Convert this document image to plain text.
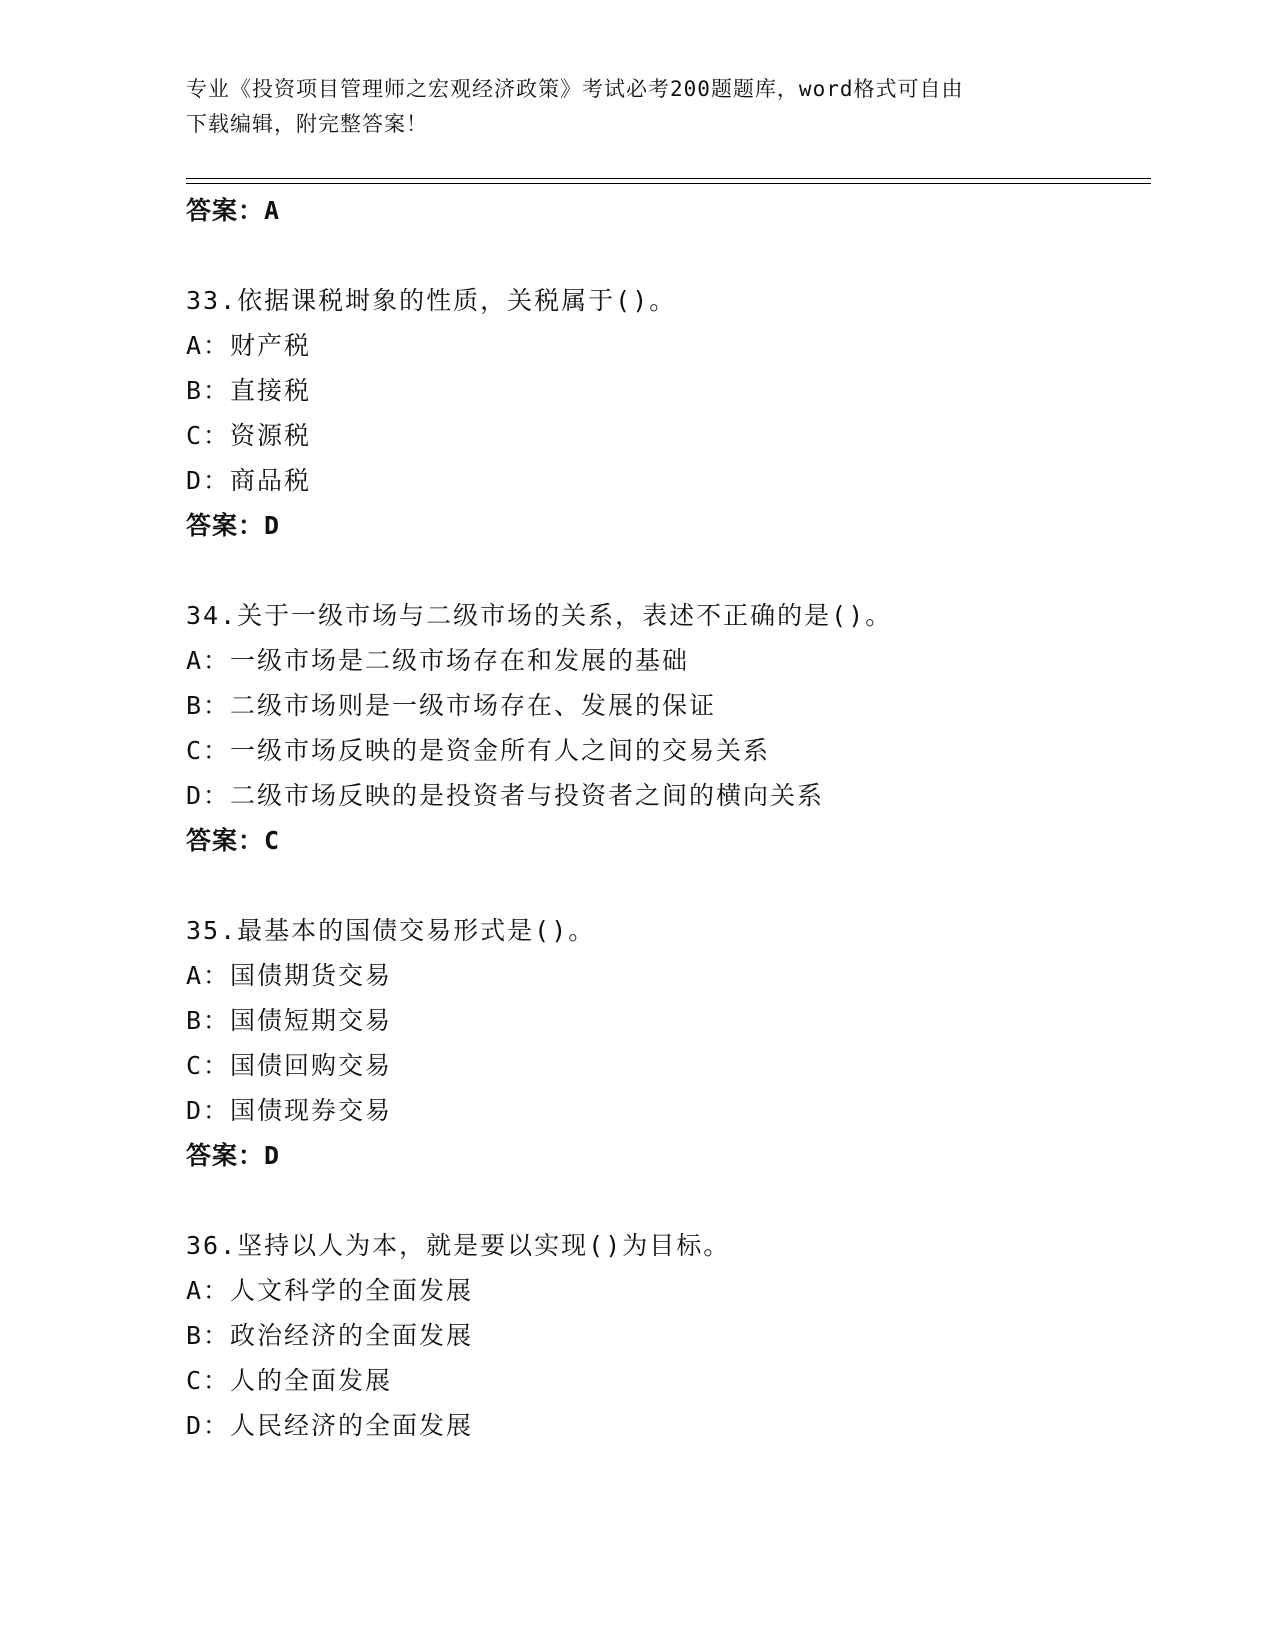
专业《投资项目管理师之宏观经济政策》考试必考200题题库，word格式可自由
下载编辑，附完整答案！
答案：A
33.依据课税埘象的性质，关税属于()。
A：财产税
B：直接税
C：资源税
D：商品税
答案：D
34.关于一级市场与二级市场的关系，表述不正确的是()。
A：一级市场是二级市场存在和发展的基础
B：二级市场则是一级市场存在、发展的保证
C：一级市场反映的是资金所有人之间的交易关系
D：二级市场反映的是投资者与投资者之间的横向关系
答案：C
35.最基本的国债交易形式是()。
A：国债期货交易
B：国债短期交易
C：国债回购交易
D：国债现券交易
答案：D
36.坚持以人为本，就是要以实现()为目标。
A：人文科学的全面发展
B：政治经济的全面发展
C：人的全面发展
D：人民经济的全面发展
